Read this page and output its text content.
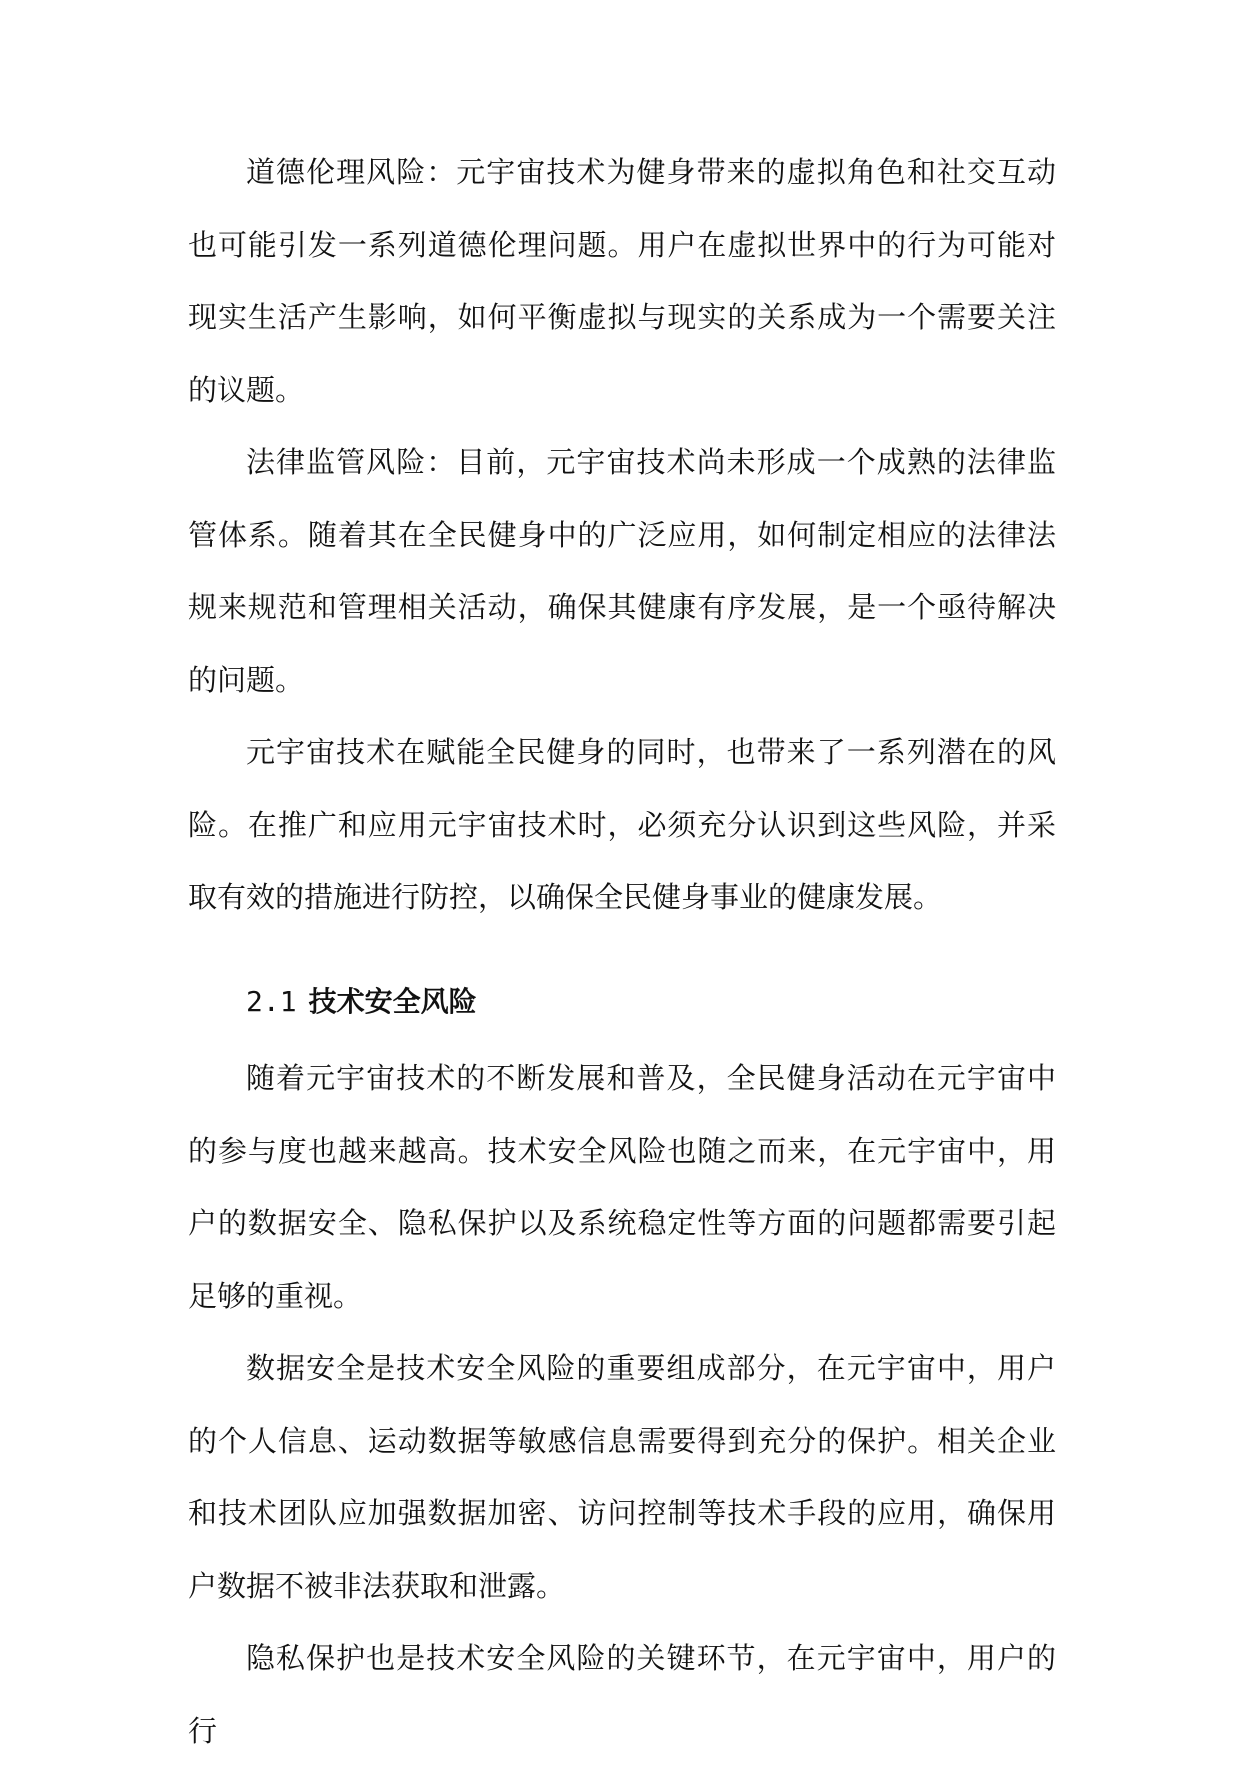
道德伦理风险：元宇宙技术为健身带来的虚拟角色和社交互动也可能引发一系列道德伦理问题。用户在虚拟世界中的行为可能对现实生活产生影响，如何平衡虚拟与现实的关系成为一个需要关注的议题。

法律监管风险：目前，元宇宙技术尚未形成一个成熟的法律监管体系。随着其在全民健身中的广泛应用，如何制定相应的法律法规来规范和管理相关活动，确保其健康有序发展，是一个亟待解决的问题。

元宇宙技术在赋能全民健身的同时，也带来了一系列潜在的风险。在推广和应用元宇宙技术时，必须充分认识到这些风险，并采取有效的措施进行防控，以确保全民健身事业的健康发展。

2.1 技术安全风险

随着元宇宙技术的不断发展和普及，全民健身活动在元宇宙中的参与度也越来越高。技术安全风险也随之而来，在元宇宙中，用户的数据安全、隐私保护以及系统稳定性等方面的问题都需要引起足够的重视。

数据安全是技术安全风险的重要组成部分，在元宇宙中，用户的个人信息、运动数据等敏感信息需要得到充分的保护。相关企业和技术团队应加强数据加密、访问控制等技术手段的应用，确保用户数据不被非法获取和泄露。

隐私保护也是技术安全风险的关键环节，在元宇宙中，用户的行
